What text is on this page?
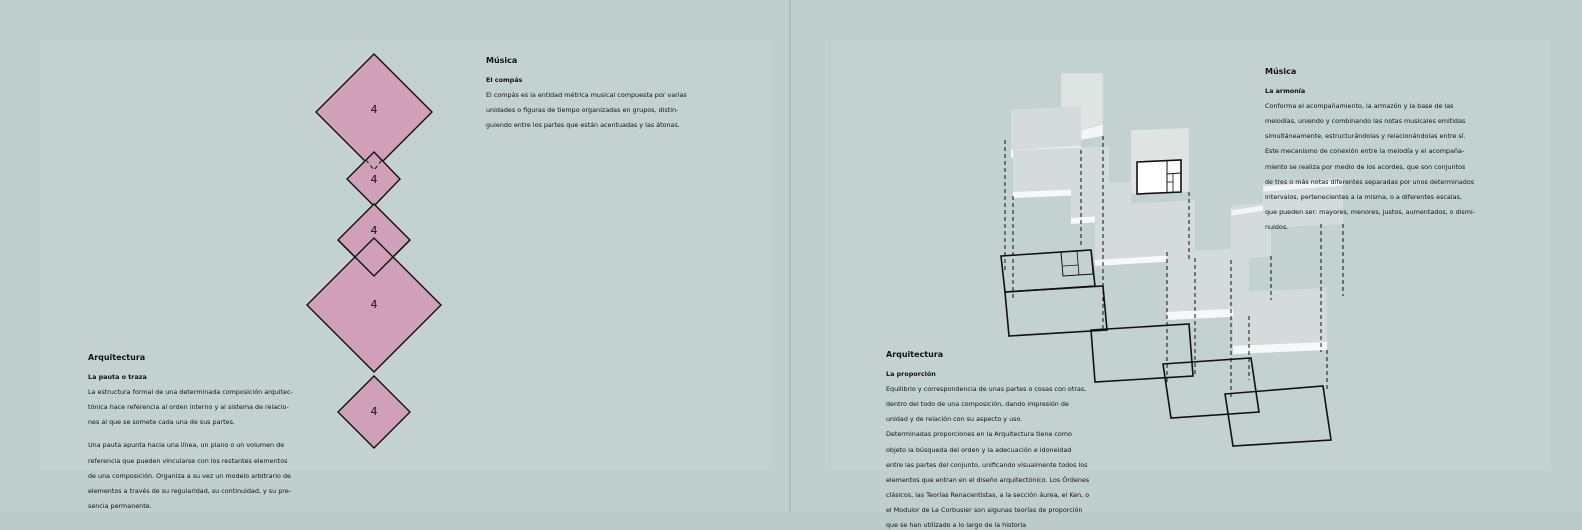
4
4
4
4
4

Música

El compás

El compás es la entidad métrica musical compuesta por varias

unidades o figuras de tiempo organizadas en grupos, distin-

guiendo entre los partes que están acentuadas y las átonas.

Arquitectura

La pauta o traza

La estructura formal de una determinada composición arquitec-

tónica hace referencia al orden interno y al sistema de relacio-

nes al que se somete cada una de sus partes.

Una pauta apunta hacia una línea, un plano o un volumen de

referencia que pueden vincularse con los restantes elementos

de una composición. Organiza a su vez un modelo arbitrario de

elementos a través de su regularidad, su continuidad, y su pre-

sencia permanente.

Música

La armonía

Conforma el acompañamiento, la armazón y la base de las

melodías, uniendo y combinando las notas musicales emitidas

simultáneamente, estructurándolas y relacionándolas entre sí.

Este mecanismo de conexión entre la melodía y el acompaña-

miento se realiza por medio de los acordes, que son conjuntos

de tres o más notas diferentes separadas por unos determinados

intervalos, pertenecientes a la misma, o a diferentes escalas,

que pueden ser: mayores, menores, justos, aumentados, o dismi-

nuidos.

Arquitectura

La proporción

Equilibrio y correspondencia de unas partes o cosas con otras,

dentro del todo de una composición, dando impresión de

unidad y de relación con su aspecto y uso.

Determinadas proporciones en la Arquitectura tiene como

objeto la búsqueda del orden y la adecuación e idoneidad

entre las partes del conjunto, unificando visualmente todos los

elementos que entran en el diseño arquitectónico. Los Órdenes

clásicos, las Teorías Renacentistas, a la sección áurea, el Ken, o

el Modulor de Le Corbusier son algunas teorías de proporción

que se han utilizado a lo largo de la historia
